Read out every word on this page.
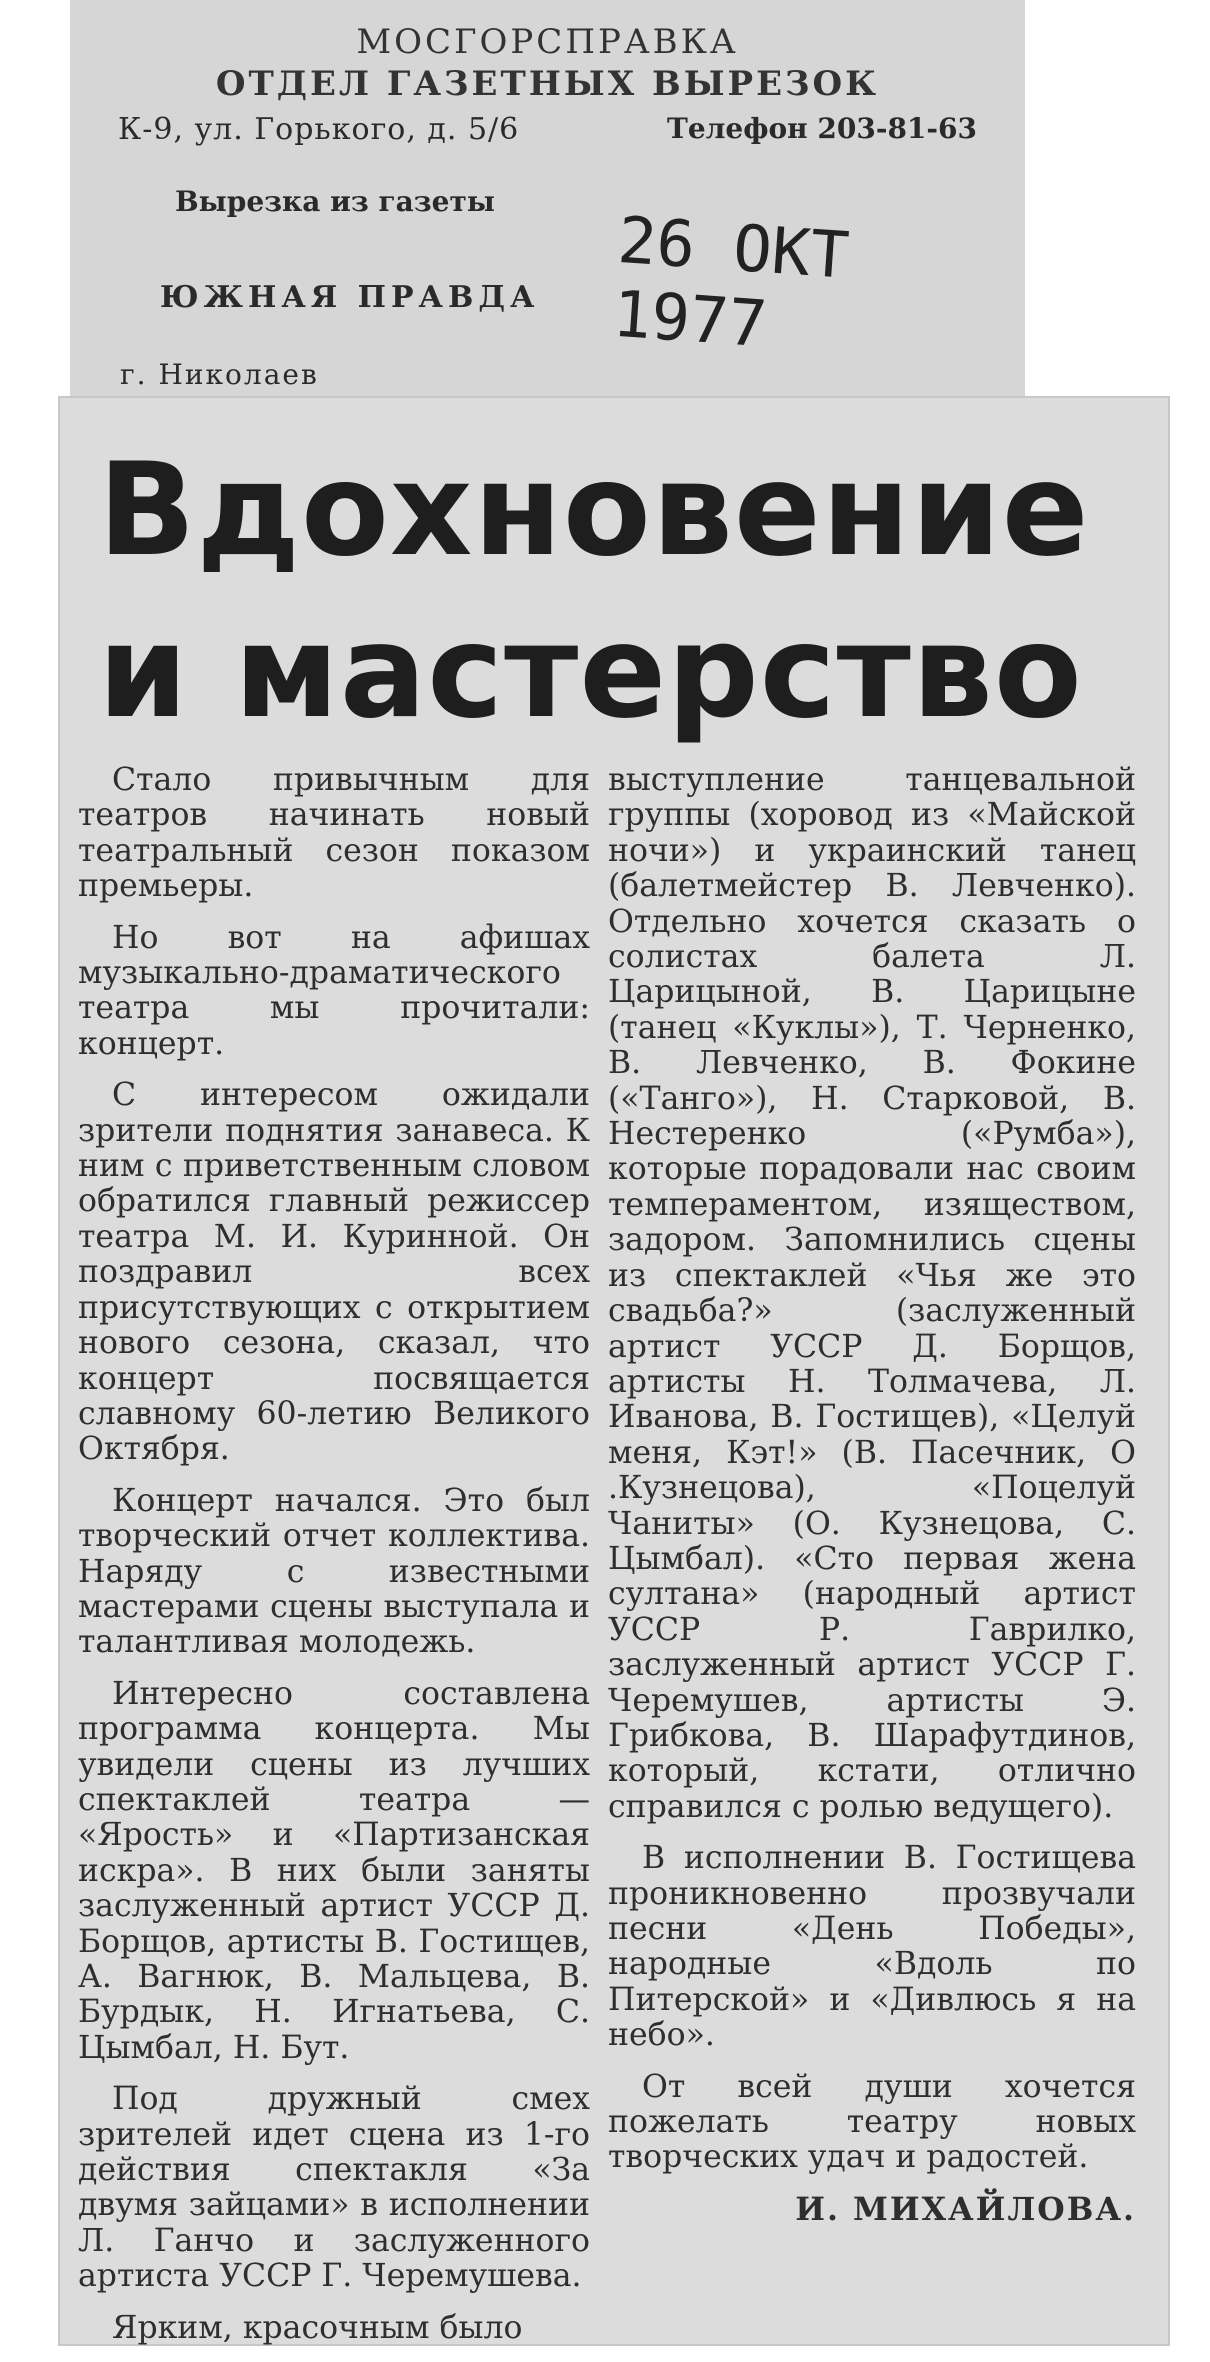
МОСГОРСПРАВКА
ОТДЕЛ ГАЗЕТНЫХ ВЫРЕЗОК
К-9, ул. Горького, д. 5/6	Телефон 203-81-63
Вырезка из газеты
ЮЖНАЯ ПРАВДА
г. Николаев
26 ОКТ 1977
Вдохновение
и мастерство

Стало привычным для театров начинать новый театральный сезон показом премьеры.

Но вот на афишах музыкально-драматического театра мы прочитали: концерт.

С интересом ожидали зрители поднятия занавеса. К ним с приветственным словом обратился главный режиссер театра М. И. Куринной. Он поздравил всех присутствующих с открытием нового сезона, сказал, что концерт посвящается славному 60-летию Великого Октября.

Концерт начался. Это был творческий отчет коллектива. Наряду с известными мастерами сцены выступала и талантливая молодежь.

Интересно составлена программа концерта. Мы увидели сцены из лучших спектаклей театра — «Ярость» и «Партизанская искра». В них были заняты заслуженный артист УССР Д. Борщов, артисты В. Гостищев, А. Вагнюк, В. Мальцева, В. Бурдык, Н. Игнатьева, С. Цымбал, Н. Бут.

Под дружный смех зрителей идет сцена из 1-го действия спектакля «За двумя зайцами» в исполнении Л. Ганчо и заслуженного артиста УССР Г. Черемушева.

Ярким, красочным было

выступление танцевальной группы (хоровод из «Майской ночи») и украинский танец (балетмейстер В. Левченко). Отдельно хочется сказать о солистах балета Л. Царицыной, В. Царицыне (танец «Куклы»), Т. Черненко, В. Левченко, В. Фокине («Танго»), Н. Старковой, В. Нестеренко («Румба»), которые порадовали нас своим темпераментом, изяществом, задором. Запомнились сцены из спектаклей «Чья же это свадьба?» (заслуженный артист УССР Д. Борщов, артисты Н. Толмачева, Л. Иванова, В. Гостищев), «Целуй меня, Кэт!» (В. Пасечник, О .Кузнецова), «Поцелуй Чаниты» (О. Кузнецова, С. Цымбал). «Сто первая жена султана» (народный артист УССР Р. Гаврилко, заслуженный артист УССР Г. Черемушев, артисты Э. Грибкова, В. Шарафутдинов, который, кстати, отлично справился с ролью ведущего).

В исполнении В. Гостищева проникновенно прозвучали песни «День Победы», народные «Вдоль по Питерской» и «Дивлюсь я на небо».

От всей души хочется пожелать театру новых творческих удач и радостей.

И. МИХАЙЛОВА.
